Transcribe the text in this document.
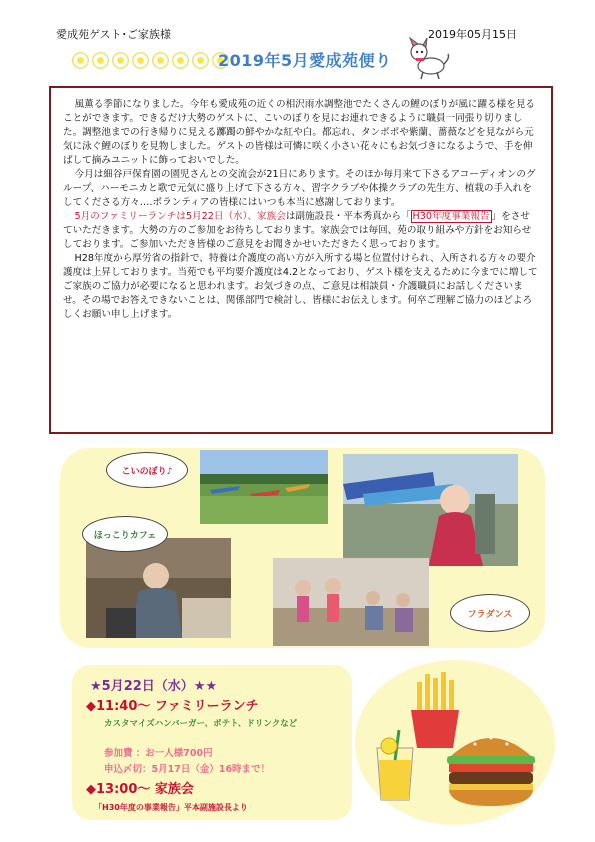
愛成苑ゲスト･ご家族様	2019年05月15日
2019年5月愛成苑便り

風薫る季節になりました。今年も愛成苑の近くの相沢雨水調整池でたくさんの鯉のぼりが風に躍る様を見ることができます。できるだけ大勢のゲストに、こいのぼりを見にお連れできるように職員一同張り切りました。調整池までの行き帰りに見える躑躅の鮮やかな紅や白。都忘れ、タンポポや紫蘭、薔薇などを見ながら元気に泳ぐ鯉のぼりを見物しました。ゲストの皆様は可憐に咲く小さい花々にもお気づきになるようで、手を伸ばして摘みユニットに飾っておいでした。

今月は細谷戸保育園の園児さんとの交流会が21日にあります。そのほか毎月来て下さるアコーディオンのグループ、ハーモニカと歌で元気に盛り上げて下さる方々、習字クラブや体操クラブの先生方、植栽の手入れをしてくださる方々‥‥ボランティアの皆様にはいつも本当に感謝しております。

5月のファミリーランチは5月22日（水）、家族会は副施設長・平本秀真から「 H30年度事業報告 」をさせていただきます。大勢の方のご参加をお待ちしております。家族会では毎回、苑の取り組みや方針をお知らせしております。ご参加いただき皆様のご意見をお聞きかせいただきたく思っております。

H28年度から厚労省の指針で、特養は介護度の高い方が入所する場と位置付けられ、入所される方々の要介護度は上昇しております。当苑でも平均要介護度は4.2となっており、ゲスト様を支えるために今までに増してご家族のご協力が必要になると思われます。お気づきの点、ご意見は相談員・介護職員にお話しくださいませ。その場でお答えできないことは、関係部門で検討し、皆様にお伝えします。何卒ご理解ご協力のほどよろしくお願い申し上げます。

こいのぼり♪
ほっこりカフェ
フラダンス
★5月22日（水）★★
◆11:40～ ファミリーランチ
カスタマイズハンバーガー、ポテト、ドリンクなど
参加費 ：お一人様700円
申込〆切：5月17日（金）16時まで！
◆13:00～ 家族会
「H30年度の事業報告」平本副施設長より
